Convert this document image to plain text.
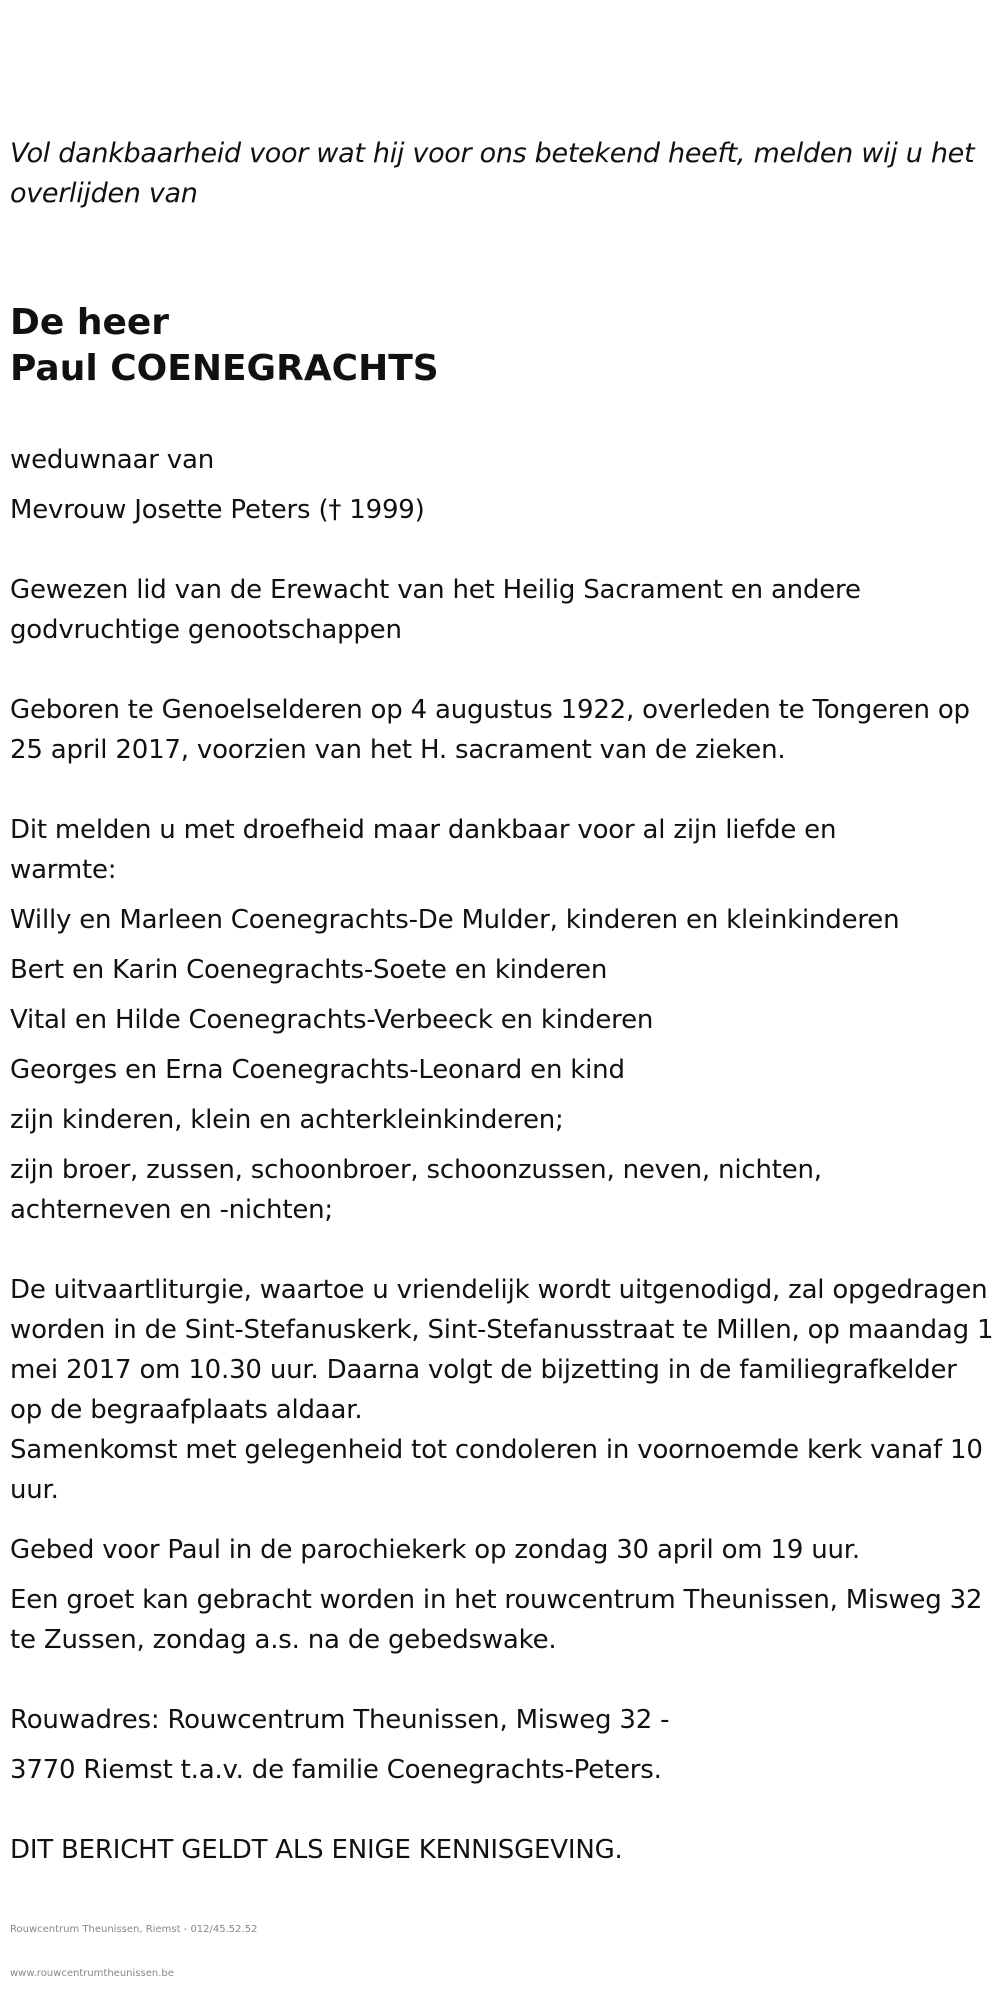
Vol dankbaarheid voor wat hij voor ons betekend heeft, melden wij u het overlijden van
De heer
Paul COENEGRACHTS
weduwnaar van
Mevrouw Josette Peters († 1999)
Gewezen lid van de Erewacht van het Heilig Sacrament en andere godvruchtige genootschappen
Geboren te Genoelselderen op 4 augustus 1922, overleden te Tongeren op 25 april 2017, voorzien van het H. sacrament van de zieken.
Dit melden u met droefheid maar dankbaar voor al zijn liefde en warmte:
Willy en Marleen Coenegrachts-De Mulder, kinderen en kleinkinderen
Bert en Karin Coenegrachts-Soete en kinderen
Vital en Hilde Coenegrachts-Verbeeck en kinderen
Georges en Erna Coenegrachts-Leonard en kind
zijn kinderen, klein en achterkleinkinderen;
zijn broer, zussen, schoonbroer, schoonzussen, neven, nichten, achterneven en -nichten;
De uitvaartliturgie, waartoe u vriendelijk wordt uitgenodigd, zal opgedragen worden in de Sint-Stefanuskerk, Sint-Stefanusstraat te Millen, op maandag 1 mei 2017 om 10.30 uur. Daarna volgt de bijzetting in de familiegrafkelder op de begraafplaats aldaar.
Samenkomst met gelegenheid tot condoleren in voornoemde kerk vanaf 10 uur.
Gebed voor Paul in de parochiekerk op zondag 30 april om 19 uur.
Een groet kan gebracht worden in het rouwcentrum Theunissen, Misweg 32 te Zussen, zondag a.s. na de gebedswake.
Rouwadres: Rouwcentrum Theunissen, Misweg 32 -
3770 Riemst t.a.v. de familie Coenegrachts-Peters.
DIT BERICHT GELDT ALS ENIGE KENNISGEVING.
Rouwcentrum Theunissen, Riemst - 012/45.52.52
www.rouwcentrumtheunissen.be
